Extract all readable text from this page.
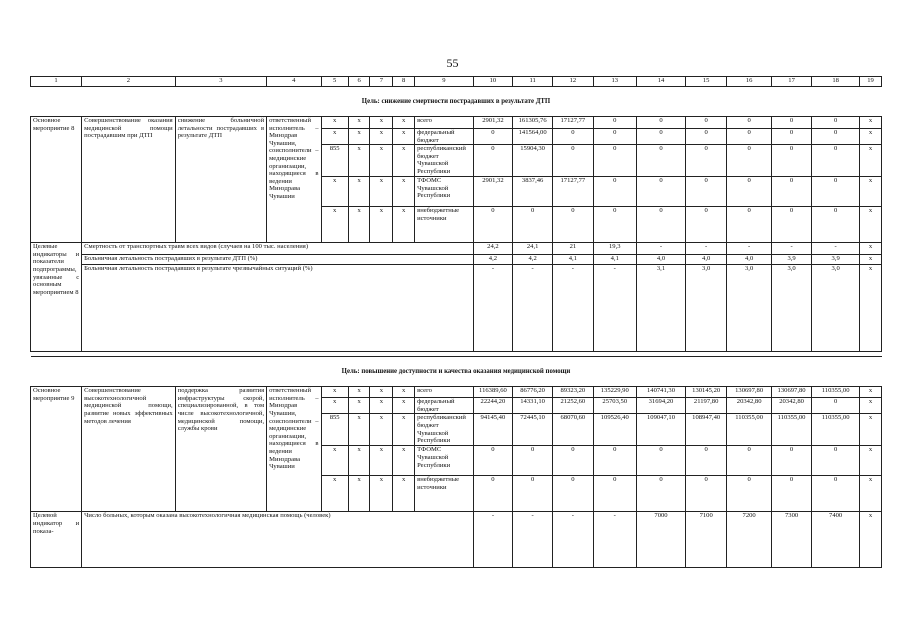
55
1	2	3	4	5	6	7	8	9	10	11	12	13	14	15	16	17	18	19
Цель: снижение смертности пострадавших в результате ДТП																		
Основное мероприятие 8	Совершенствование оказания медицинской помощи пострадавшим при ДТП	снижение больничной летальности пострадавших в результате ДТП	ответственный исполнитель – Минздрав Чувашии, соисполнители – медицинские организации, находящиеся в ведении Минздрава Чувашии	x	x	x	x	всего	2901,32	161305,76	17127,77	0	0	0	0	0	0	x
				x	x	x	x	федеральный бюджет	0	141564,00	0	0	0	0	0	0	0	x
				855	x	x	x	республиканский бюджет Чувашской Республики	0	15904,30	0	0	0	0	0	0	0	x
				x	x	x	x	ТФОМС Чувашской Республики	2901,32	3837,46	17127,77	0	0	0	0	0	0	x
				x	x	x	x	внебюджетные источники	0	0	0	0	0	0	0	0	0	x
Целевые индикаторы и показатели подпрограммы, увязанные с основным мероприятием 8	Смертность от транспортных травм всех видов (случаев на 100 тыс. населения)								24,2	24,1	21	19,3	-	-	-	-	-	x
	Больничная летальность пострадавших в результате ДТП (%)								4,2	4,2	4,1	4,1	4,0	4,0	4,0	3,9	3,9	x
	Больничная летальность пострадавших в результате чрезвычайных ситуаций (%)								-	-	-	-	3,1	3,0	3,0	3,0	3,0	x

Цель: повышение доступности и качества оказания медицинской помощи																		
Основное мероприятие 9	Совершенствование высокотехнологичной медицинской помощи, развитие новых эффективных методов лечения	поддержка развития инфраструктуры скорой, специализированной, в том числе высокотехнологичной, медицинской помощи, службы крови	ответственный исполнитель – Минздрав Чувашии, соисполнители – медицинские организации, находящиеся в ведении Минздрава Чувашии	x	x	x	x	всего	116389,60	86776,20	89323,20	135229,90	140741,30	130145,20	130697,80	130697,80	110355,00	x
				x	x	x	x	федеральный бюджет	22244,20	14331,10	21252,60	25703,50	31694,20	21197,80	20342,80	20342,80	0	x
				855	x	x	x	республиканский бюджет Чувашской Республики	94145,40	72445,10	68070,60	109526,40	109047,10	108947,40	110355,00	110355,00	110355,00	x
				x	x	x	x	ТФОМС Чувашской Республики	0	0	0	0	0	0	0	0	0	x
				x	x	x	x	внебюджетные источники	0	0	0	0	0	0	0	0	0	x
Целевой индикатор и показа-	Число больных, которым оказана высокотехнологичная медицинская помощь (человек)								-	-	-	-	7000	7100	7200	7300	7400	x
